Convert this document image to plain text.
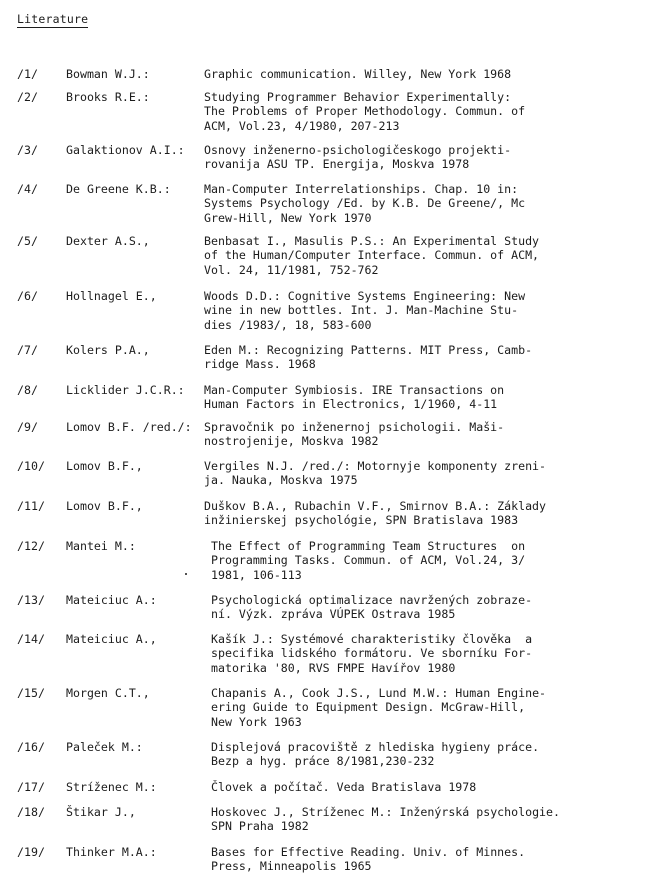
Literature
/1/ Bowman W.J.:	Graphic communication. Willey, New York 1968
/2/ Brooks R.E.:	Studying Programmer Behavior Experimentally:
The Problems of Proper Methodology. Commun. of
ACM, Vol.23, 4/1980, 207-213
/3/ Galaktionov A.I.: Osnovy inženerno-psichologičeskogo projekti-
rovanija ASU TP. Energija, Moskva 1978
/4/ De Greene K.B.:	Man-Computer Interrelationships. Chap. 10 in:
Systems Psychology /Ed. by K.B. De Greene/, Mc
Grew-Hill, New York 1970
/5/ Dexter A.S.,	Benbasat I., Masulis P.S.: An Experimental Study
of the Human/Computer Interface. Commun. of ACM,
Vol. 24, 11/1981, 752-762
/6/ Hollnagel E.,	Woods D.D.: Cognitive Systems Engineering: New
wine in new bottles. Int. J. Man-Machine Stu-
dies /1983/, 18, 583-600
/7/ Kolers P.A.,	Eden M.: Recognizing Patterns. MIT Press, Camb-
ridge Mass. 1968
/8/ Licklider J.C.R.: Man-Computer Symbiosis. IRE Transactions on
Human Factors in Electronics, 1/1960, 4-11
/9/ Lomov B.F. /red./: Spravočnik po inženernoj psichologii. Maši-
nostrojenije, Moskva 1982
/10/ Lomov B.F.,	Vergiles N.J. /red./: Motornyje komponenty zreni-
ja. Nauka, Moskva 1975
/11/ Lomov B.F.,	Duškov B.A., Rubachin V.F., Smirnov B.A.: Základy
inžinierskej psychológie, SPN Bratislava 1983
/12/ Mantei M.:	The Effect of Programming Team Structures  on
Programming Tasks. Commun. of ACM, Vol.24, 3/
1981, 106-113
/13/ Mateiciuc A.:	Psychologická optimalizace navržených zobraze-
ní. Výzk. zpráva VÚPEK Ostrava 1985
/14/ Mateiciuc A.,	Kašík J.: Systémové charakteristiky člověka  a
specifika lidského formátoru. Ve sborníku For-
matorika '80, RVS FMPE Havířov 1980
/15/ Morgen C.T.,	Chapanis A., Cook J.S., Lund M.W.: Human Engine-
ering Guide to Equipment Design. McGraw-Hill,
New York 1963
/16/ Paleček M.:	Displejová pracoviště z hlediska hygieny práce.
Bezp a hyg. práce 8/1981,230-232
/17/ Stríženec M.:	Človek a počítač. Veda Bratislava 1978
/18/ Štikar J.,	Hoskovec J., Stríženec M.: Inženýrská psychologie.
SPN Praha 1982
/19/ Thinker M.A.:	Bases for Effective Reading. Univ. of Minnes.
Press, Minneapolis 1965
